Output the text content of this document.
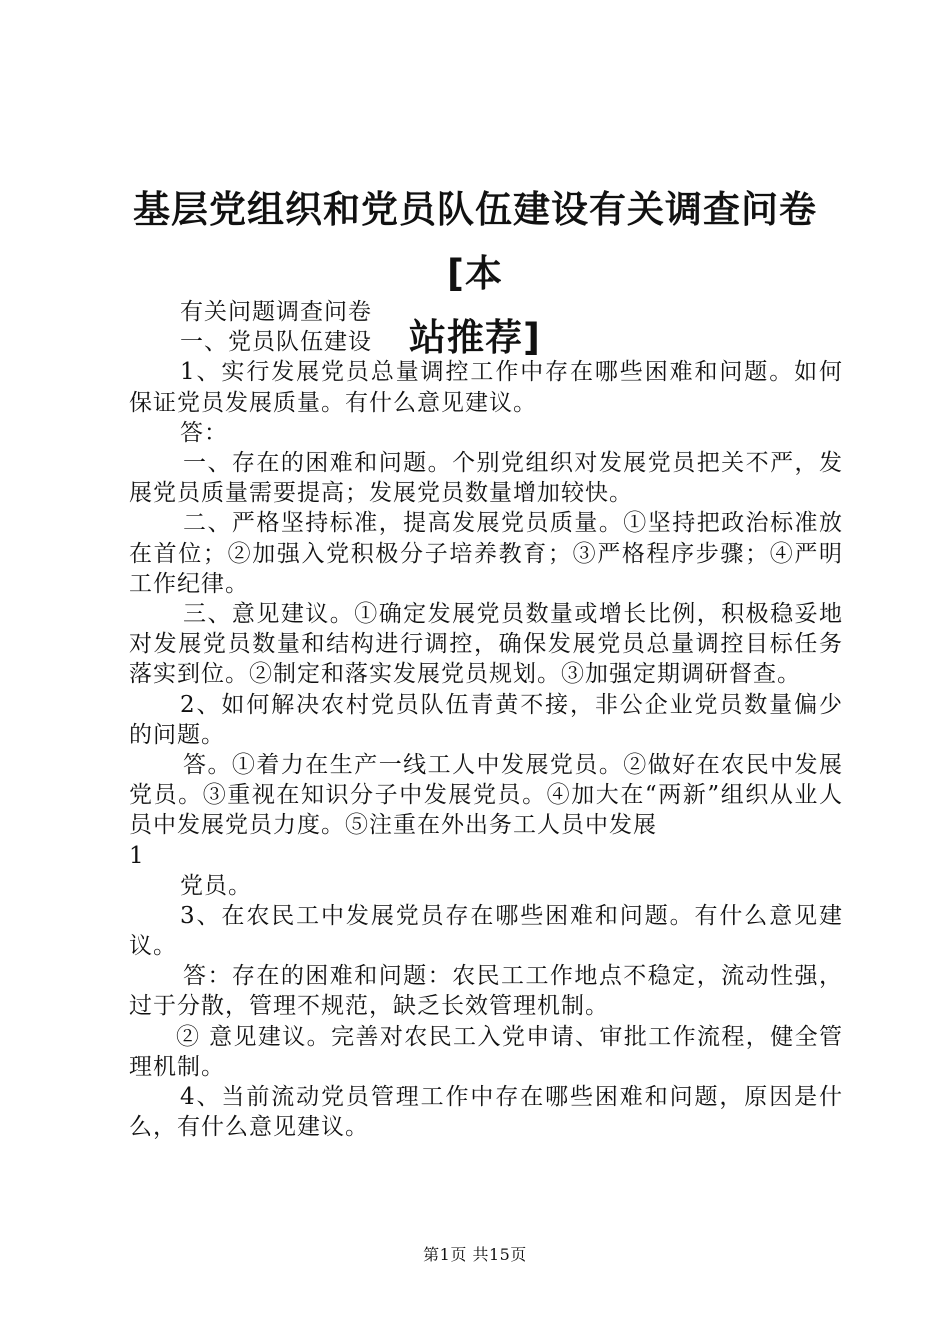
基层党组织和党员队伍建设有关调查问卷[本
站推荐]

有关问题调查问卷

一、党员队伍建设

1、实行发展党员总量调控工作中存在哪些困难和问题。如何保证党员发展质量。有什么意见建议。

答：

一、存在的困难和问题。个别党组织对发展党员把关不严，发展党员质量需要提高；发展党员数量增加较快。

二、严格坚持标准，提高发展党员质量。①坚持把政治标准放在首位；②加强入党积极分子培养教育；③严格程序步骤；④严明工作纪律。

三、意见建议。①确定发展党员数量或增长比例，积极稳妥地对发展党员数量和结构进行调控，确保发展党员总量调控目标任务落实到位。②制定和落实发展党员规划。③加强定期调研督查。

2、如何解决农村党员队伍青黄不接，非公企业党员数量偏少的问题。

答。①着力在生产一线工人中发展党员。②做好在农民中发展党员。③重视在知识分子中发展党员。④加大在“两新”组织从业人员中发展党员力度。⑤注重在外出务工人员中发展

1

党员。

3、在农民工中发展党员存在哪些困难和问题。有什么意见建议。

答：存在的困难和问题：农民工工作地点不稳定，流动性强，过于分散，管理不规范，缺乏长效管理机制。

② 意见建议。完善对农民工入党申请、审批工作流程，健全管理机制。

4、当前流动党员管理工作中存在哪些困难和问题，原因是什么，有什么意见建议。

第1页 共15页
